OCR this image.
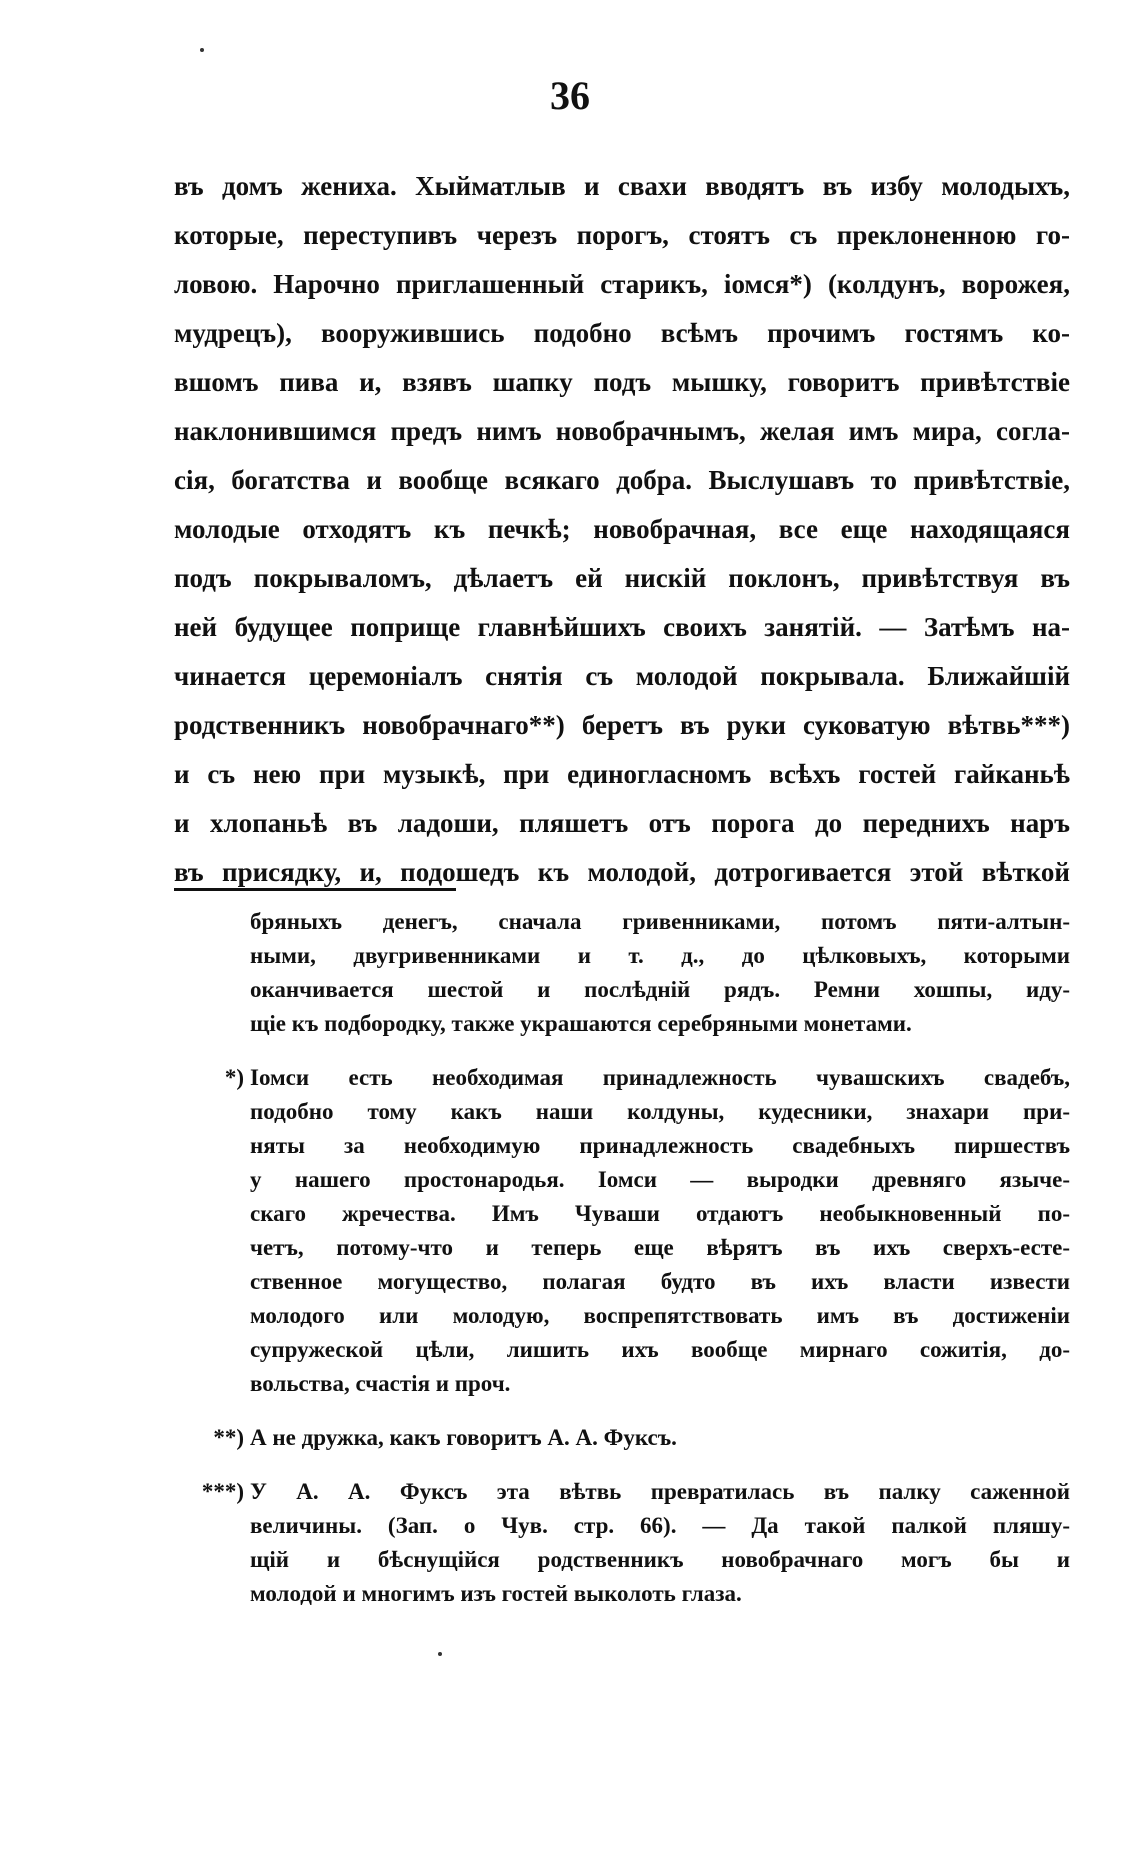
36
въ домъ жениха. Хыйматлыв и свахи вводятъ въ избу молодыхъ,
которые, переступивъ черезъ порогъ, стоятъ съ преклоненною го-
ловою. Нарочно приглашенный старикъ, іомся*) (колдунъ, ворожея,
мудрецъ), вооружившись подобно всѣмъ прочимъ гостямъ ко-
вшомъ пива и, взявъ шапку подъ мышку, говоритъ привѣтствіе
наклонившимся предъ нимъ новобрачнымъ, желая имъ мира, согла-
сія, богатства и вообще всякаго добра. Выслушавъ то привѣтствіе,
молодые отходятъ къ печкѣ; новобрачная, все еще находящаяся
подъ покрываломъ, дѣлаетъ ей нискій поклонъ, привѣтствуя въ
ней будущее поприще главнѣйшихъ своихъ занятій. — Затѣмъ на-
чинается церемоніалъ снятія съ молодой покрывала. Ближайшій
родственникъ новобрачнаго**) беретъ въ руки суковатую вѣтвь***)
и съ нею при музыкѣ, при единогласномъ всѣхъ гостей гайканьѣ
и хлопаньѣ въ ладоши, пляшетъ отъ порога до переднихъ наръ
въ присядку, и, подошедъ къ молодой, дотрогивается этой вѣткой
бряныхъ денегъ, сначала гривенниками, потомъ пяти-алтын-
ными, двугривенниками и т. д., до цѣлковыхъ, которыми
оканчивается шестой и послѣдній рядъ. Ремни хошпы, иду-
щіе къ подбородку, также украшаются серебряными монетами.
*) Іомси есть необходимая принадлежность чувашскихъ свадебъ,
подобно тому какъ наши колдуны, кудесники, знахари при-
няты за необходимую принадлежность свадебныхъ пиршествъ
у нашего простонародья. Іомси — выродки древняго языче-
скаго жречества. Имъ Чуваши отдаютъ необыкновенный по-
четъ, потому-что и теперь еще вѣрятъ въ ихъ сверхъ-есте-
ственное могущество, полагая будто въ ихъ власти извести
молодого или молодую, воспрепятствовать имъ въ достиженіи
супружеской цѣли, лишить ихъ вообще мирнаго сожитія, до-
вольства, счастія и проч.
**) А не дружка, какъ говоритъ А. А. Фуксъ.
***) У А. А. Фуксъ эта вѣтвь превратилась въ палку саженной
величины. (Зап. о Чув. стр. 66). — Да такой палкой пляшу-
щій и бѣснущійся родственникъ новобрачнаго могъ бы и
молодой и многимъ изъ гостей выколоть глаза.
